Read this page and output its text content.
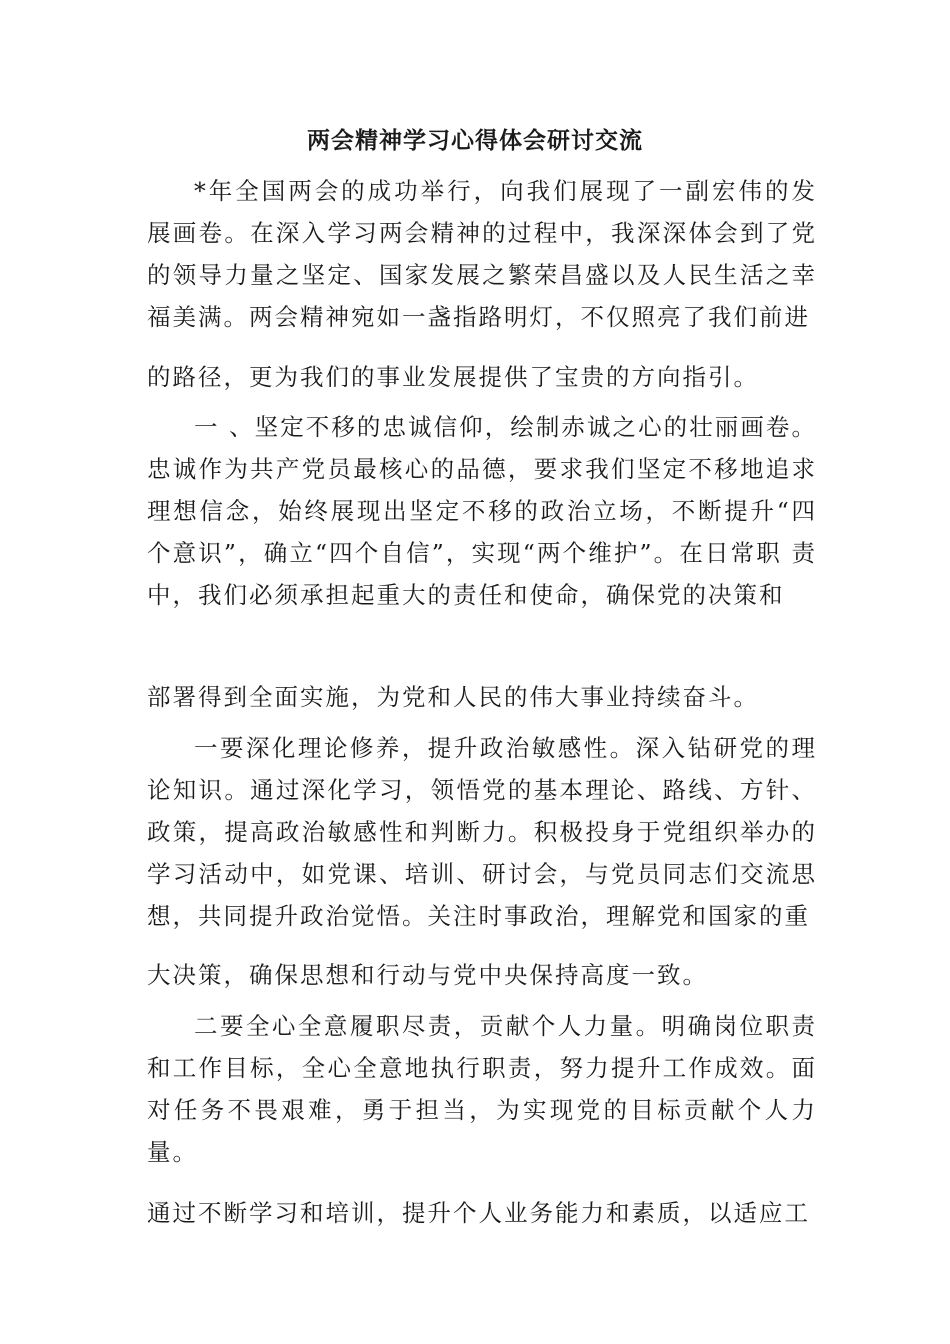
两会精神学习心得体会研讨交流

*年全国两会的成功举行，向我们展现了一副宏伟的发展画卷。在深入学习两会精神的过程中，我深深体会到了党的领导力量之坚定、国家发展之繁荣昌盛以及人民生活之幸福美满。两会精神宛如一盏指路明灯，不仅照亮了我们前进

的路径，更为我们的事业发展提供了宝贵的方向指引。

一 、坚定不移的忠诚信仰，绘制赤诚之心的壮丽画卷。 忠诚作为共产党员最核心的品德，要求我们坚定不移地追求 理想信念，始终展现出坚定不移的政治立场，不断提升“四 个意识”，确立“四个自信”，实现“两个维护”。在日常职 责中，我们必须承担起重大的责任和使命，确保党的决策和

部署得到全面实施，为党和人民的伟大事业持续奋斗。

一要深化理论修养，提升政治敏感性。深入钻研党的理论知识。通过深化学习，领悟党的基本理论、路线、方针、政策，提高政治敏感性和判断力。积极投身于党组织举办的学习活动中，如党课、培训、研讨会，与党员同志们交流思想，共同提升政治觉悟。关注时事政治，理解党和国家的重

大决策，确保思想和行动与党中央保持高度一致。

二要全心全意履职尽责，贡献个人力量。明确岗位职责和工作目标，全心全意地执行职责，努力提升工作成效。面对任务不畏艰难，勇于担当，为实现党的目标贡献个人力量。

通过不断学习和培训，提升个人业务能力和素质，以适应工
